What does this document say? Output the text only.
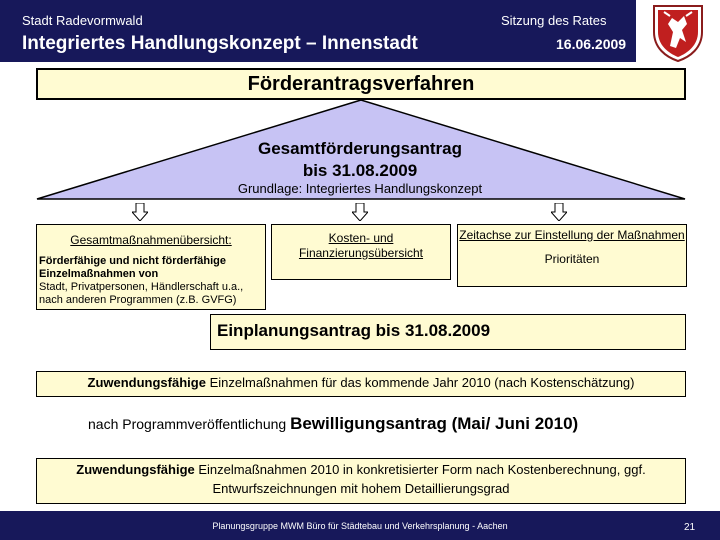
Stadt Radevormwald
Integriertes Handlungskonzept – Innenstadt
Sitzung des Rates
16.06.2009
Förderantragsverfahren
Gesamtförderungsantrag
bis 31.08.2009
Grundlage: Integriertes Handlungskonzept
Gesamtmaßnahmenübersicht:
Förderfähige und nicht förderfähige Einzelmaßnahmen von
Stadt, Privatpersonen, Händlerschaft u.a., nach anderen Programmen (z.B. GVFG)
Kosten- und Finanzierungsübersicht
Zeitachse zur Einstellung der Maßnahmen
Prioritäten
Einplanungsantrag bis 31.08.2009
Zuwendungsfähige Einzelmaßnahmen für das kommende Jahr 2010 (nach Kostenschätzung)
nach Programmveröffentlichung Bewilligungsantrag (Mai/ Juni 2010)
Zuwendungsfähige Einzelmaßnahmen 2010 in konkretisierter Form nach Kostenberechnung, ggf. Entwurfszeichnungen mit hohem Detaillierungsgrad
Planungsgruppe MWM Büro für Städtebau und Verkehrsplanung - Aachen	21
